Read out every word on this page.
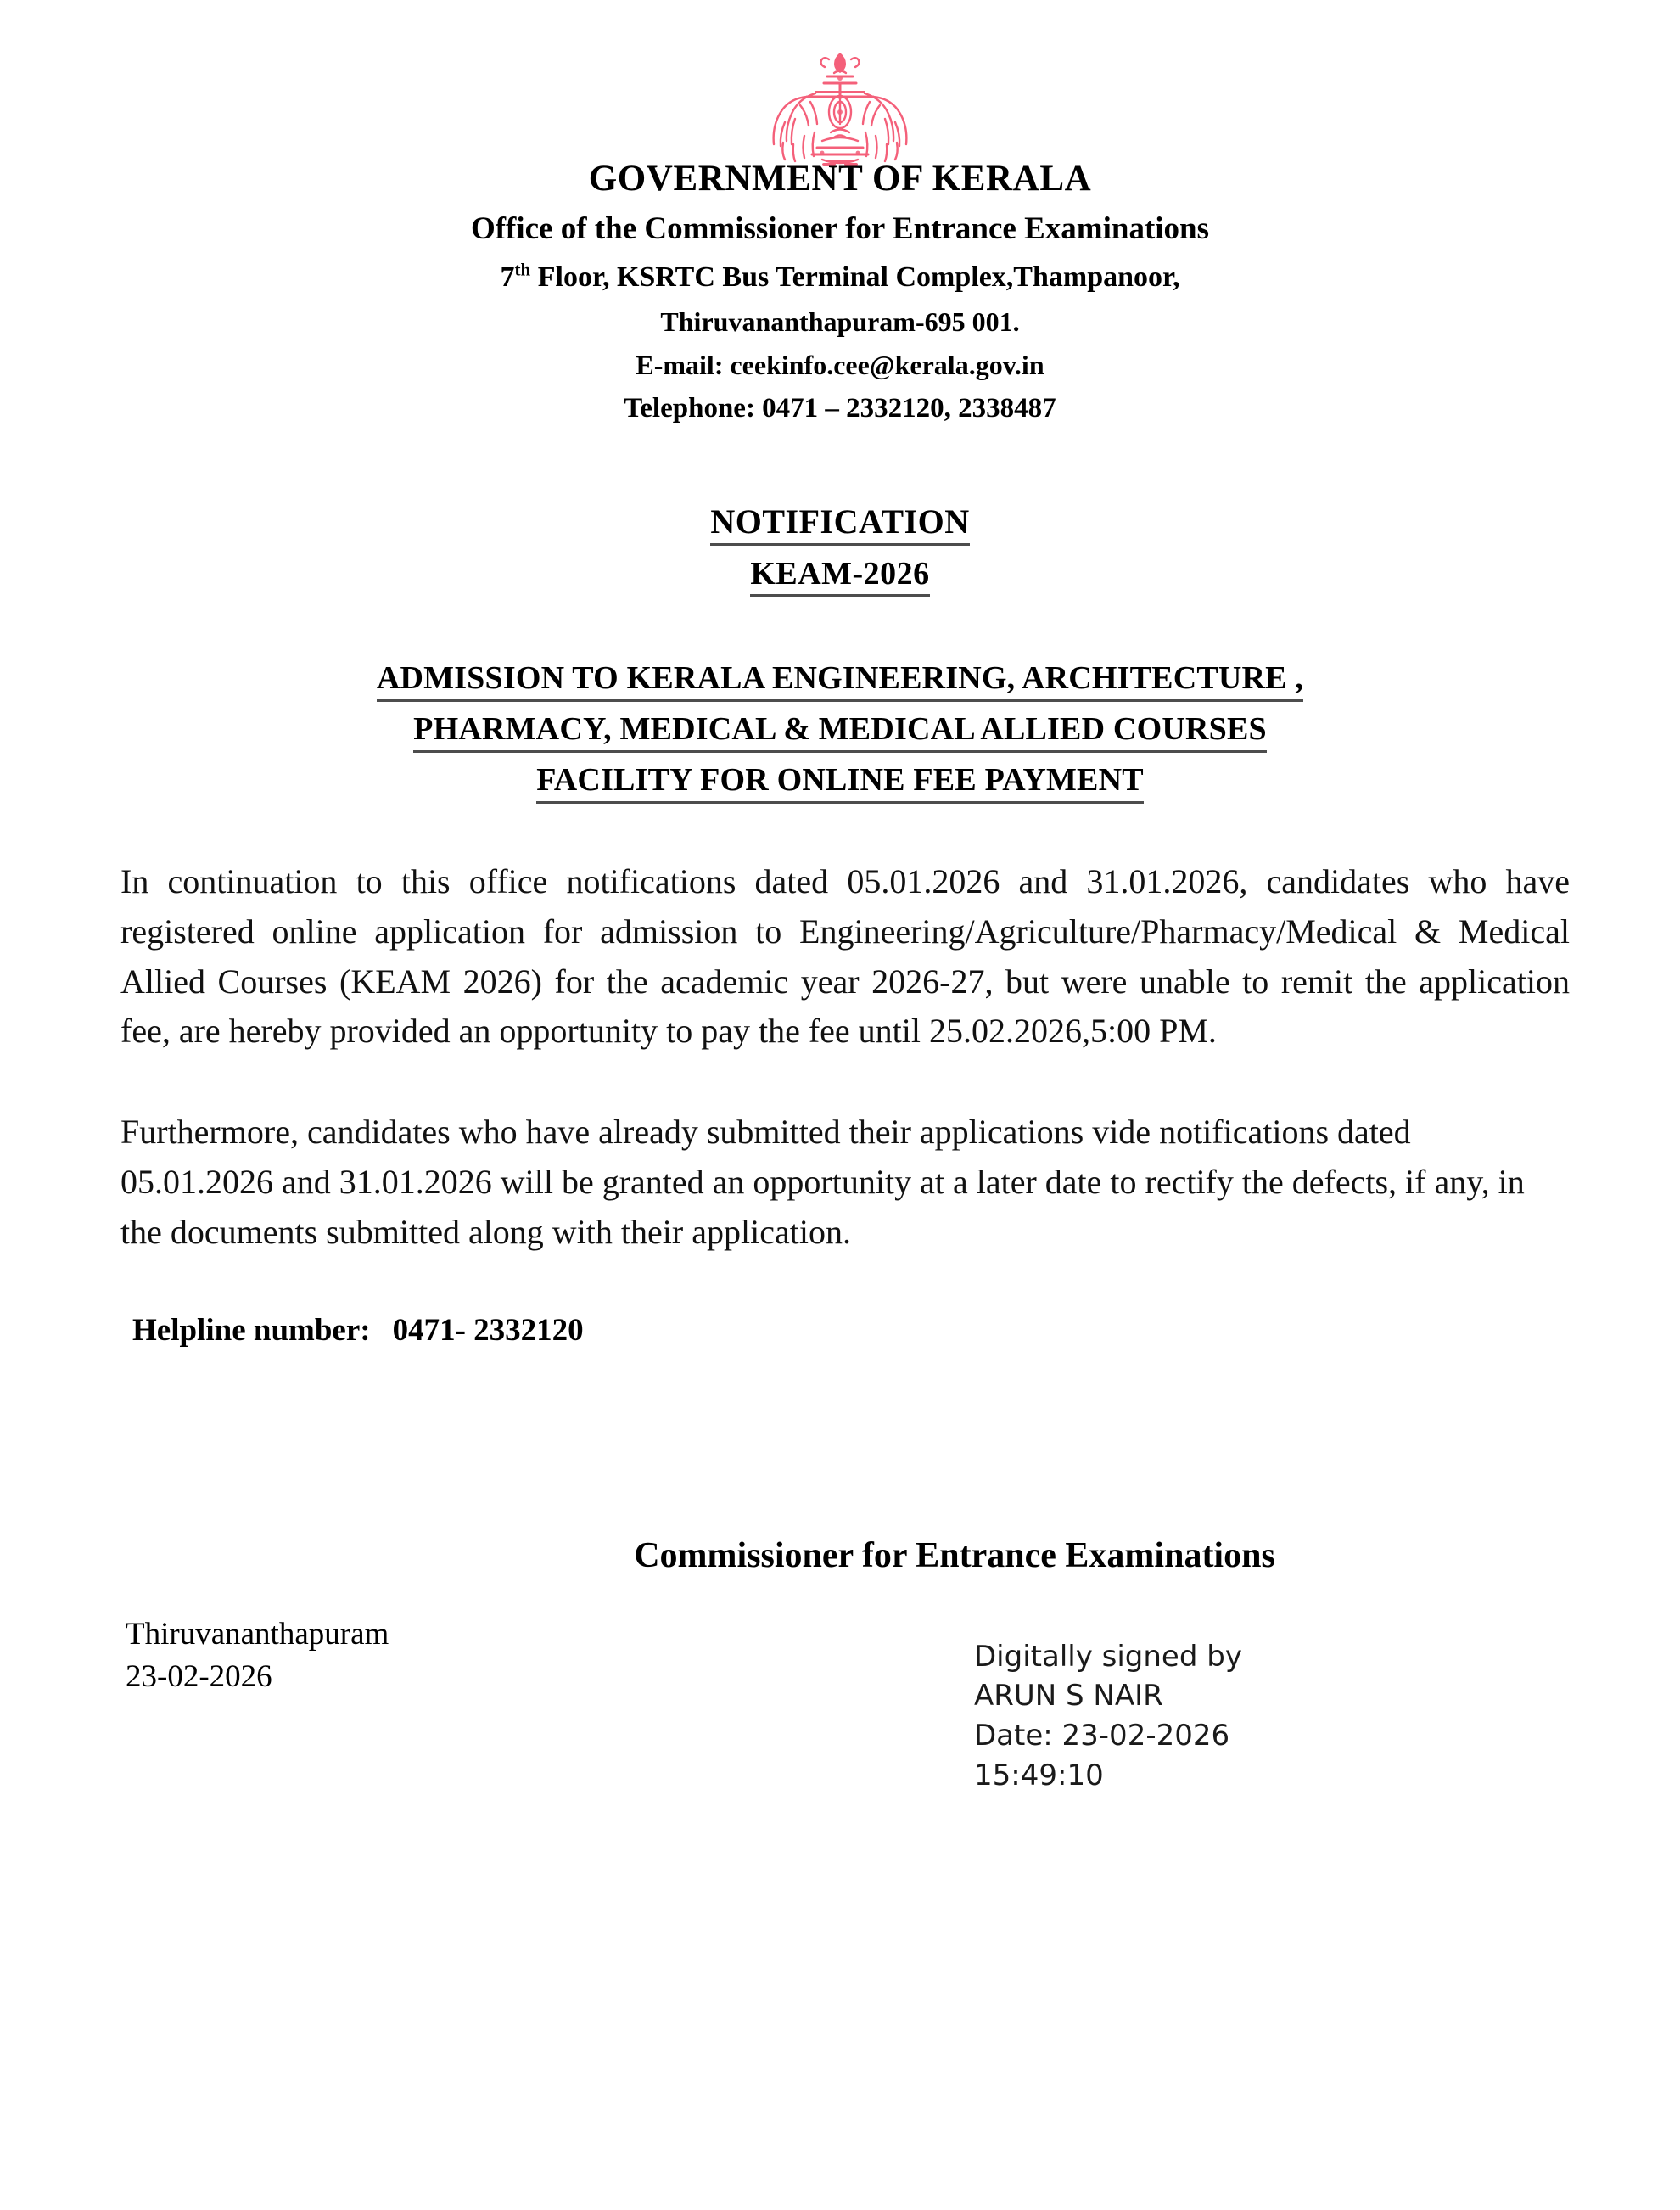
GOVERNMENT OF KERALA
Office of the Commissioner for Entrance Examinations
7th Floor, KSRTC Bus Terminal Complex,Thampanoor,
Thiruvananthapuram-695 001.
E-mail: ceekinfo.cee@kerala.gov.in
Telephone: 0471 – 2332120, 2338487
NOTIFICATION
KEAM-2026
ADMISSION TO KERALA ENGINEERING, ARCHITECTURE ,
PHARMACY, MEDICAL & MEDICAL ALLIED COURSES
FACILITY FOR ONLINE FEE PAYMENT

In continuation to this office notifications dated 05.01.2026 and 31.01.2026, candidates who have registered online application for admission to Engineering/Agriculture/Pharmacy/Medical & Medical Allied Courses (KEAM 2026) for the academic year 2026-27, but were unable to remit the application fee, are hereby provided an opportunity to pay the fee until 25.02.2026,5:00 PM.

Furthermore, candidates who have already submitted their applications vide notifications dated 05.01.2026 and 31.01.2026 will be granted an opportunity at a later date to rectify the defects, if any, in the documents submitted along with their application.

Helpline number: 0471- 2332120
Commissioner for Entrance Examinations
Thiruvananthapuram
23-02-2026
Digitally signed by
ARUN S NAIR
Date: 23-02-2026
15:49:10
